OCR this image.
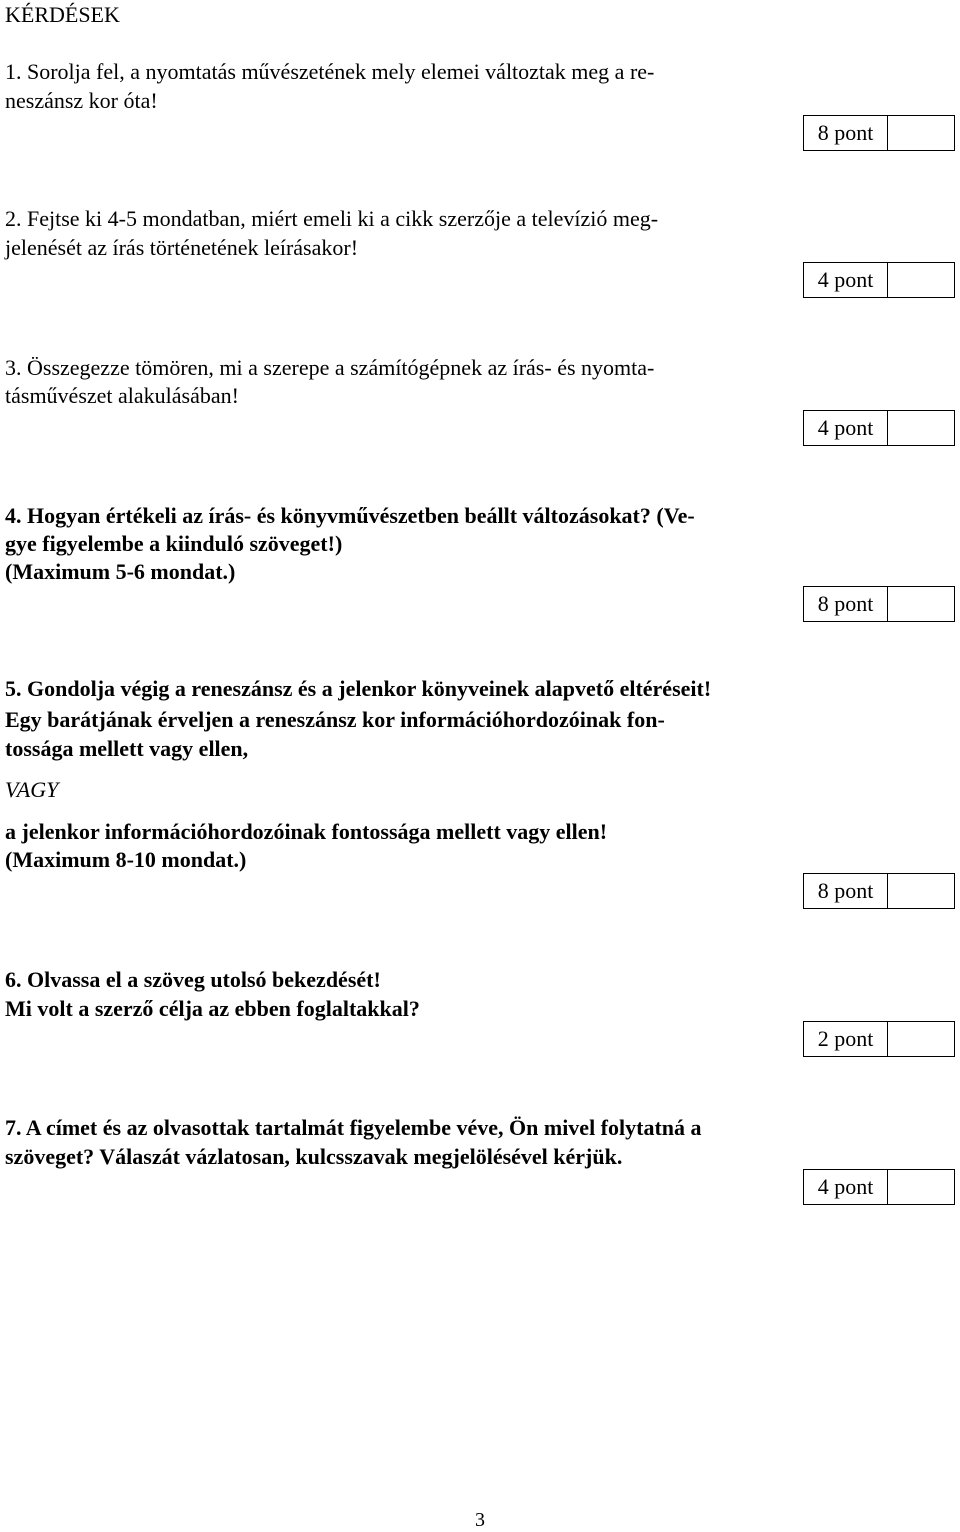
KÉRDÉSEK
1. Sorolja fel, a nyomtatás művészetének mely elemei változtak meg a re-
neszánsz kor óta!
8 pont
2. Fejtse ki 4-5 mondatban, miért emeli ki a cikk szerzője a televízió meg-
jelenését az írás történetének leírásakor!
4 pont
3. Összegezze tömören, mi a szerepe a számítógépnek az írás- és nyomta-
tásművészet alakulásában!
4 pont
4. Hogyan értékeli az írás- és könyvművészetben beállt változásokat? (Ve-
gye figyelembe a kiinduló szöveget!)
(Maximum 5-6 mondat.)
8 pont
5. Gondolja végig a reneszánsz és a jelenkor könyveinek alapvető eltéréseit!
Egy barátjának érveljen a reneszánsz kor információhordozóinak fon-
tossága mellett vagy ellen,
VAGY
a jelenkor információhordozóinak fontossága mellett vagy ellen!
(Maximum 8-10 mondat.)
8 pont
6. Olvassa el a szöveg utolsó bekezdését!
Mi volt a szerző célja az ebben foglaltakkal?
2 pont
7. A címet és az olvasottak tartalmát figyelembe véve, Ön mivel folytatná a
szöveget? Válaszát vázlatosan, kulcsszavak megjelölésével kérjük.
4 pont
3
